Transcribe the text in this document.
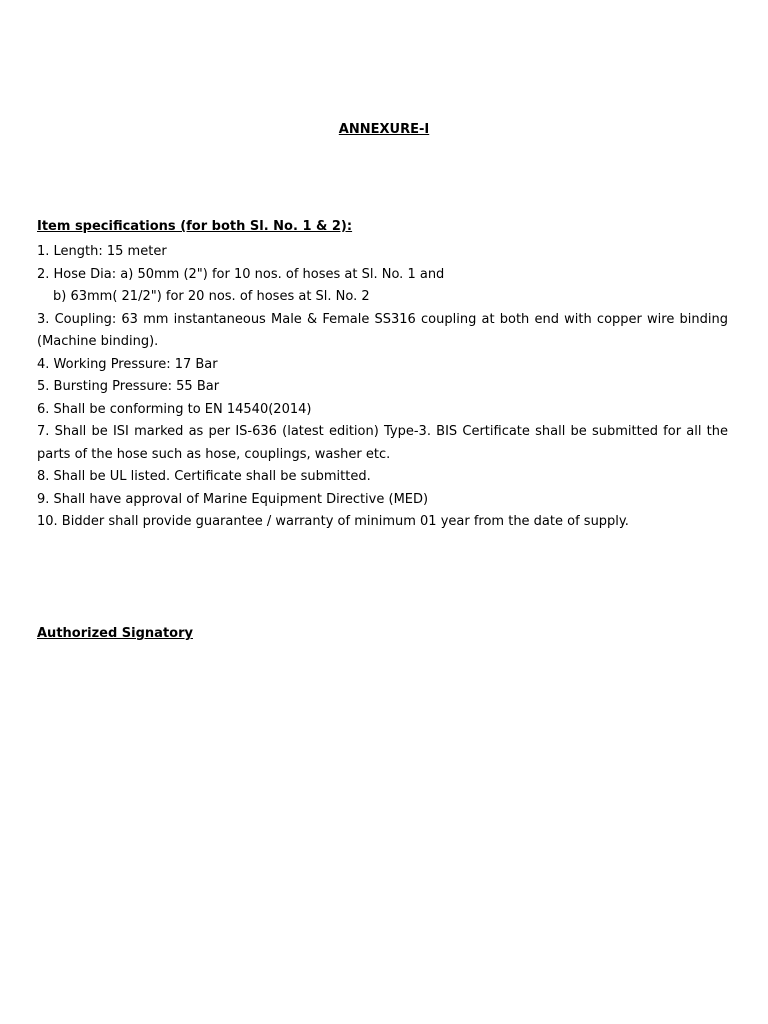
ANNEXURE-I
Item specifications (for both Sl. No. 1 & 2):
1. Length: 15 meter
2. Hose Dia: a) 50mm (2") for 10 nos. of hoses at Sl. No. 1 and
b) 63mm( 21/2") for 20 nos. of hoses at Sl. No. 2
3. Coupling: 63 mm instantaneous Male & Female SS316 coupling at both end with copper wire binding (Machine binding).
4. Working Pressure: 17 Bar
5. Bursting Pressure: 55 Bar
6. Shall be conforming to EN 14540(2014)
7. Shall be ISI marked as per IS-636 (latest edition) Type-3. BIS Certificate shall be submitted for all the parts of the hose such as hose, couplings, washer etc.
8. Shall be UL listed. Certificate shall be submitted.
9. Shall have approval of Marine Equipment Directive (MED)
10. Bidder shall provide guarantee / warranty of minimum 01 year from the date of supply.
Authorized Signatory
